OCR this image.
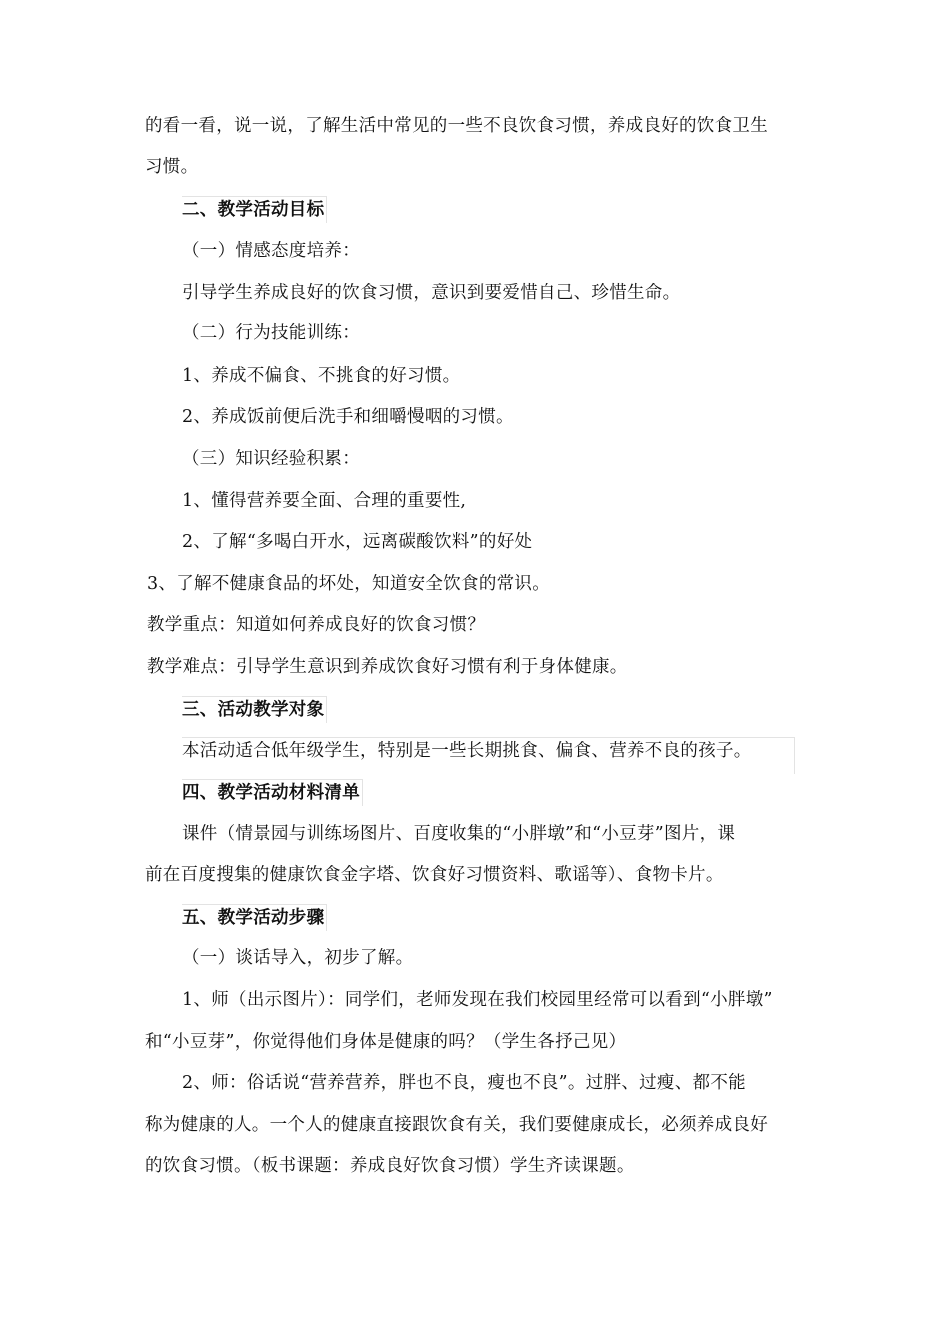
的看一看，说一说，了解生活中常见的一些不良饮食习惯，养成良好的饮食卫生
习惯。
二、教学活动目标
（一）情感态度培养：
引导学生养成良好的饮食习惯，意识到要爱惜自己、珍惜生命。
（二）行为技能训练：
1、养成不偏食、不挑食的好习惯。
2、养成饭前便后洗手和细嚼慢咽的习惯。
（三）知识经验积累：
1、懂得营养要全面、合理的重要性,
2、了解“多喝白开水，远离碳酸饮料”的好处
3、了解不健康食品的坏处，知道安全饮食的常识。
教学重点：知道如何养成良好的饮食习惯？
教学难点：引导学生意识到养成饮食好习惯有利于身体健康。
三、活动教学对象
本活动适合低年级学生，特别是一些长期挑食、偏食、营养不良的孩子。
四、教学活动材料清单
课件（情景园与训练场图片、百度收集的“小胖墩”和“小豆芽”图片，课
前在百度搜集的健康饮食金字塔、饮食好习惯资料、歌谣等）、食物卡片。
五、教学活动步骤
（一）谈话导入，初步了解。
1、师（出示图片）：同学们，老师发现在我们校园里经常可以看到“小胖墩”
和“小豆芽”，你觉得他们身体是健康的吗？（学生各抒己见）
2、师：俗话说“营养营养，胖也不良，瘦也不良”。过胖、过瘦、都不能
称为健康的人。一个人的健康直接跟饮食有关，我们要健康成长，必须养成良好
的饮食习惯。（板书课题：养成良好饮食习惯）学生齐读课题。
